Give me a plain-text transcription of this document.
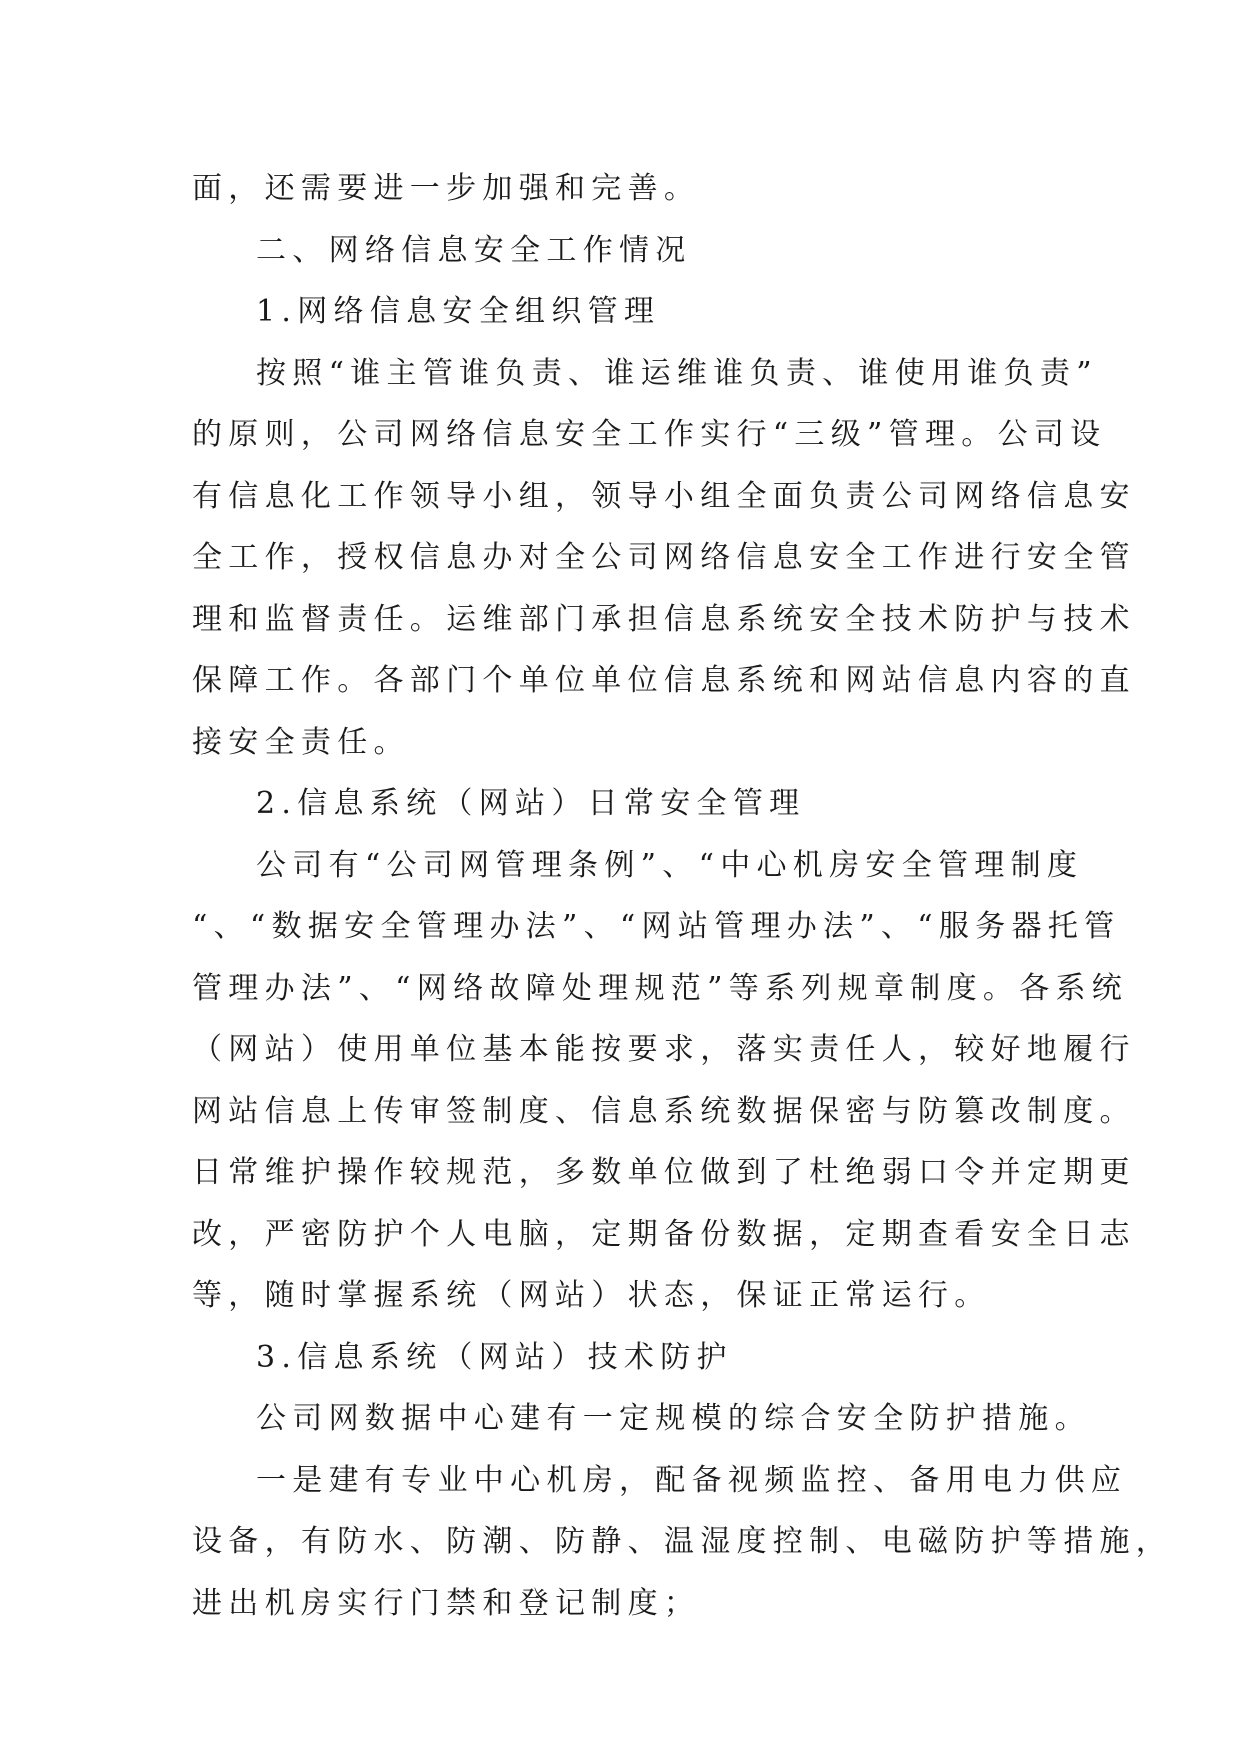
面，还需要进一步加强和完善。
二、网络信息安全工作情况
1.网络信息安全组织管理
按照“谁主管谁负责、谁运维谁负责、谁使用谁负责”
的原则，公司网络信息安全工作实行“三级”管理。公司设
有信息化工作领导小组，领导小组全面负责公司网络信息安
全工作，授权信息办对全公司网络信息安全工作进行安全管
理和监督责任。运维部门承担信息系统安全技术防护与技术
保障工作。各部门个单位单位信息系统和网站信息内容的直
接安全责任。
2.信息系统（网站）日常安全管理
公司有“公司网管理条例”、“中心机房安全管理制度
“、“数据安全管理办法”、“网站管理办法”、“服务器托管
管理办法”、“网络故障处理规范”等系列规章制度。各系统
（网站）使用单位基本能按要求，落实责任人，较好地履行
网站信息上传审签制度、信息系统数据保密与防篡改制度。
日常维护操作较规范，多数单位做到了杜绝弱口令并定期更
改，严密防护个人电脑，定期备份数据，定期查看安全日志
等，随时掌握系统（网站）状态，保证正常运行。
3.信息系统（网站）技术防护
公司网数据中心建有一定规模的综合安全防护措施。
一是建有专业中心机房，配备视频监控、备用电力供应
设备，有防水、防潮、防静、温湿度控制、电磁防护等措施，
进出机房实行门禁和登记制度；
